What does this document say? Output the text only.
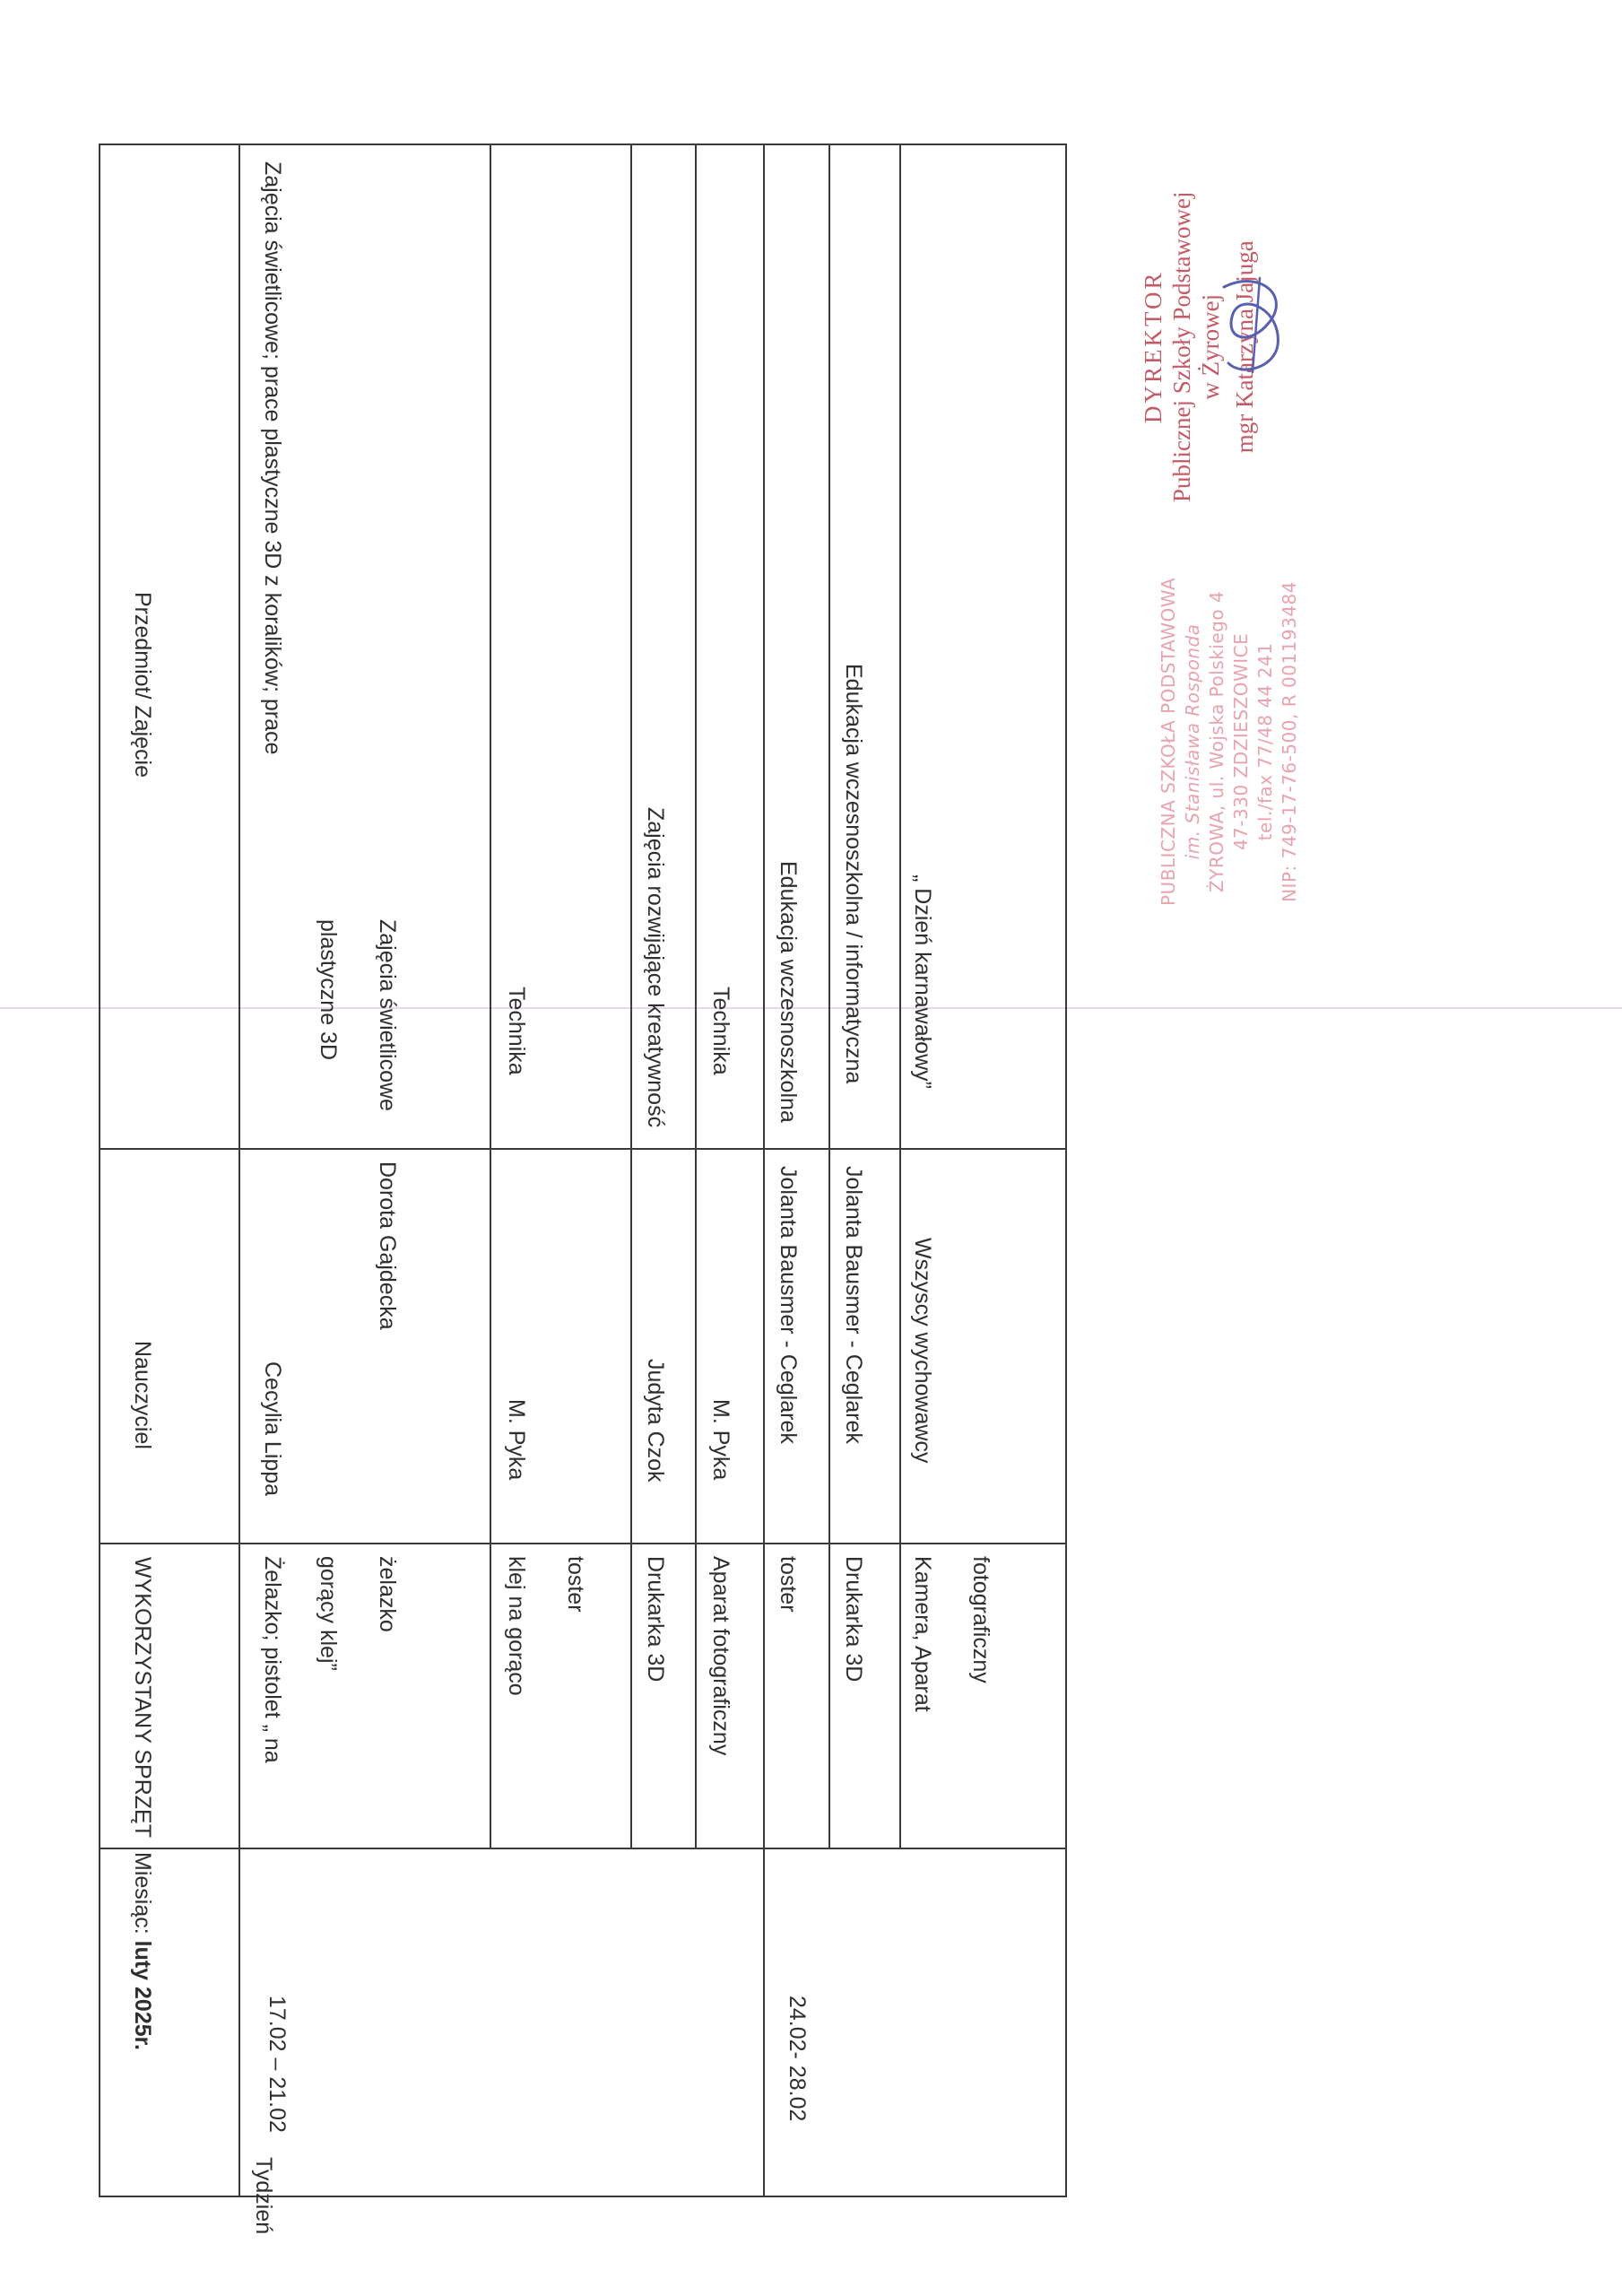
Tydzień
Miesiąc: luty 2025r.
WYKORZYSTANY SPRZĘT
Nauczyciel
Przedmiot/ Zajęcie
17.02 – 21.02	24.02- 28.02
Żelazko; pistolet „ na gorący klej” żelazko
Cecylia Lippa
Dorota Gajdecka
Zajęcia świetlicowe; prace plastyczne 3D z koralików; prace
plastyczne 3D Zajęcia świetlicowe
klej na gorąco toster
M. Pyka
Technika
Drukarka 3D
Judyta Czok
Zajęcia rozwijające kreatywność
Aparat fotograficzny
M. Pyka
Technika
toster
Jolanta Bausmer - Ceglarek
Edukacja wczesnoszkolna
Drukarka 3D
Jolanta Bausmer - Ceglarek
Edukacja wczesnoszkolna / informatyczna
Kamera, Aparat fotograficzny
Wszyscy wychowawcy
„ Dzień karnawałowy”
PUBLICZNA SZKOŁA PODSTAWOWA im. Stanisława Rosponda ŻYROWA, ul. Wojska Polskiego 4 47-330 ZDZIESZOWICE tel./fax 77/48 44 241 NIP: 749-17-76-500, R 001193484
DYREKTOR Publicznej Szkoły Podstawowej w Żyrowej mgr Katarzyna Jajuga
